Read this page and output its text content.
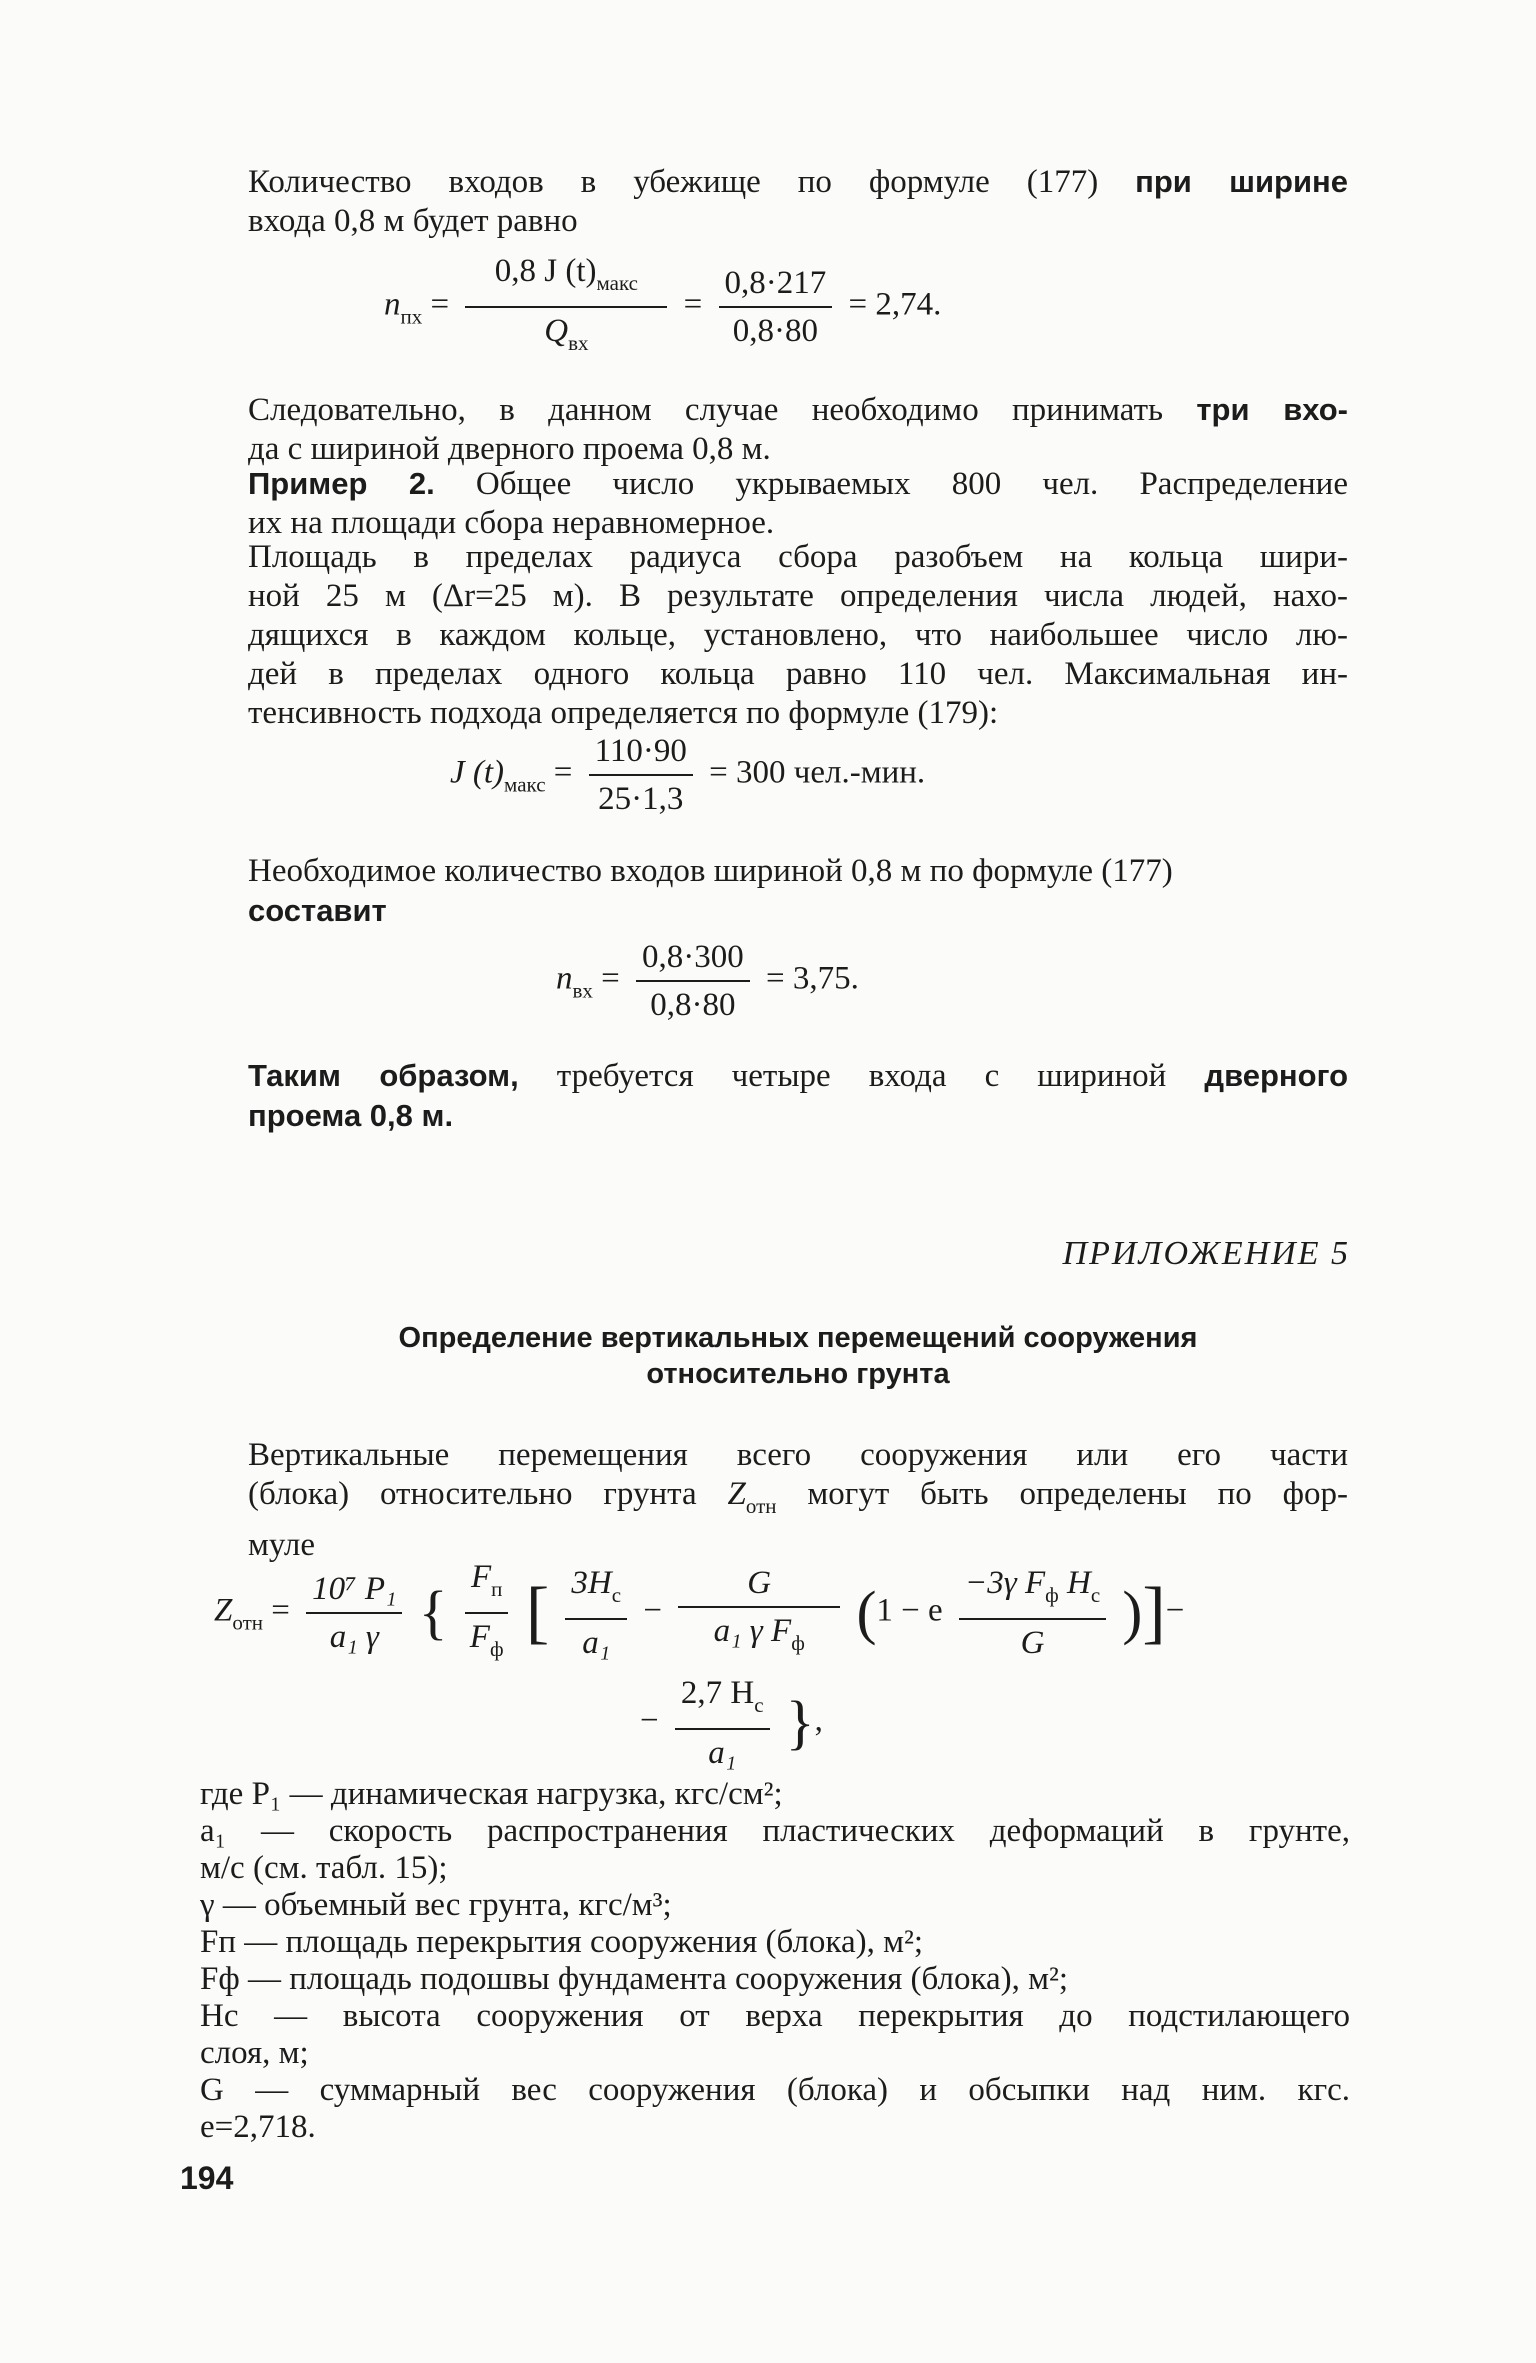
Количество входов в убежище по формуле (177) при ширине
входа 0,8 м будет равно
$n_{пх} = \frac{0,8 J (t)_{макс}}{Q_{вх}} = \frac{0,8\cdot 217}{0,8\cdot 80} = 2,74$.
Следовательно, в данном случае необходимо принимать три вхо-
да с шириной дверного проема 0,8 м.
Пример 2. Общее число укрываемых 800 чел. Распределение
их на площади сбора неравномерное.
Площадь в пределах радиуса сбора разобъем на кольца шири-
ной 25 м (Δr=25 м). В результате определения числа людей, нахо-
дящихся в каждом кольце, установлено, что наибольшее число лю-
дей в пределах одного кольца равно 110 чел. Максимальная ин-
тенсивность подхода определяется по формуле (179):
J $(t)_{макс} = \frac{110\cdot 90}{25\cdot 1,3} = 300$ чел.-мин.
Необходимое количество входов шириной 0,8 м по формуле (177)
составит
$n_{вх} = \frac{0,8\cdot 300}{0,8\cdot 80} = 3,75$.
Таким образом, требуется четыре входа с шириной дверного
проема 0,8 м.
ПРИЛОЖЕНИЕ 5
Определение вертикальных перемещений сооружения
относительно грунта
Вертикальные перемещения всего сооружения или его части
(блока) относительно грунта $Z_{отн}$ могут быть определены по фор-
муле
$Z_{отн} = \frac{\text{10⁷ P₁}}{\text{a₁ γ}}$ { $\frac{F_п}{F_ф}$ [ $\frac{3H_с}{\text{a₁}} - \frac{G}{a_1 \gamma F_ф} (1 - e \frac{-3\gamma F_ф H_с}{G}$ )]−
− $\frac{2,7 H_с}{\text{a₁}}$ },
где P₁ — динамическая нагрузка, кгс/см²;
a₁ — скорость распространения пластических деформаций в грунте,
м/с (см. табл. 15);
γ — объемный вес грунта, кгс/м³;
Fп — площадь перекрытия сооружения (блока), м²;
Fф — площадь подошвы фундамента сооружения (блока), м²;
Hс — высота сооружения от верха перекрытия до подстилающего
слоя, м;
G — суммарный вес сооружения (блока) и обсыпки над ним. кгс.
e=2,718.
194
